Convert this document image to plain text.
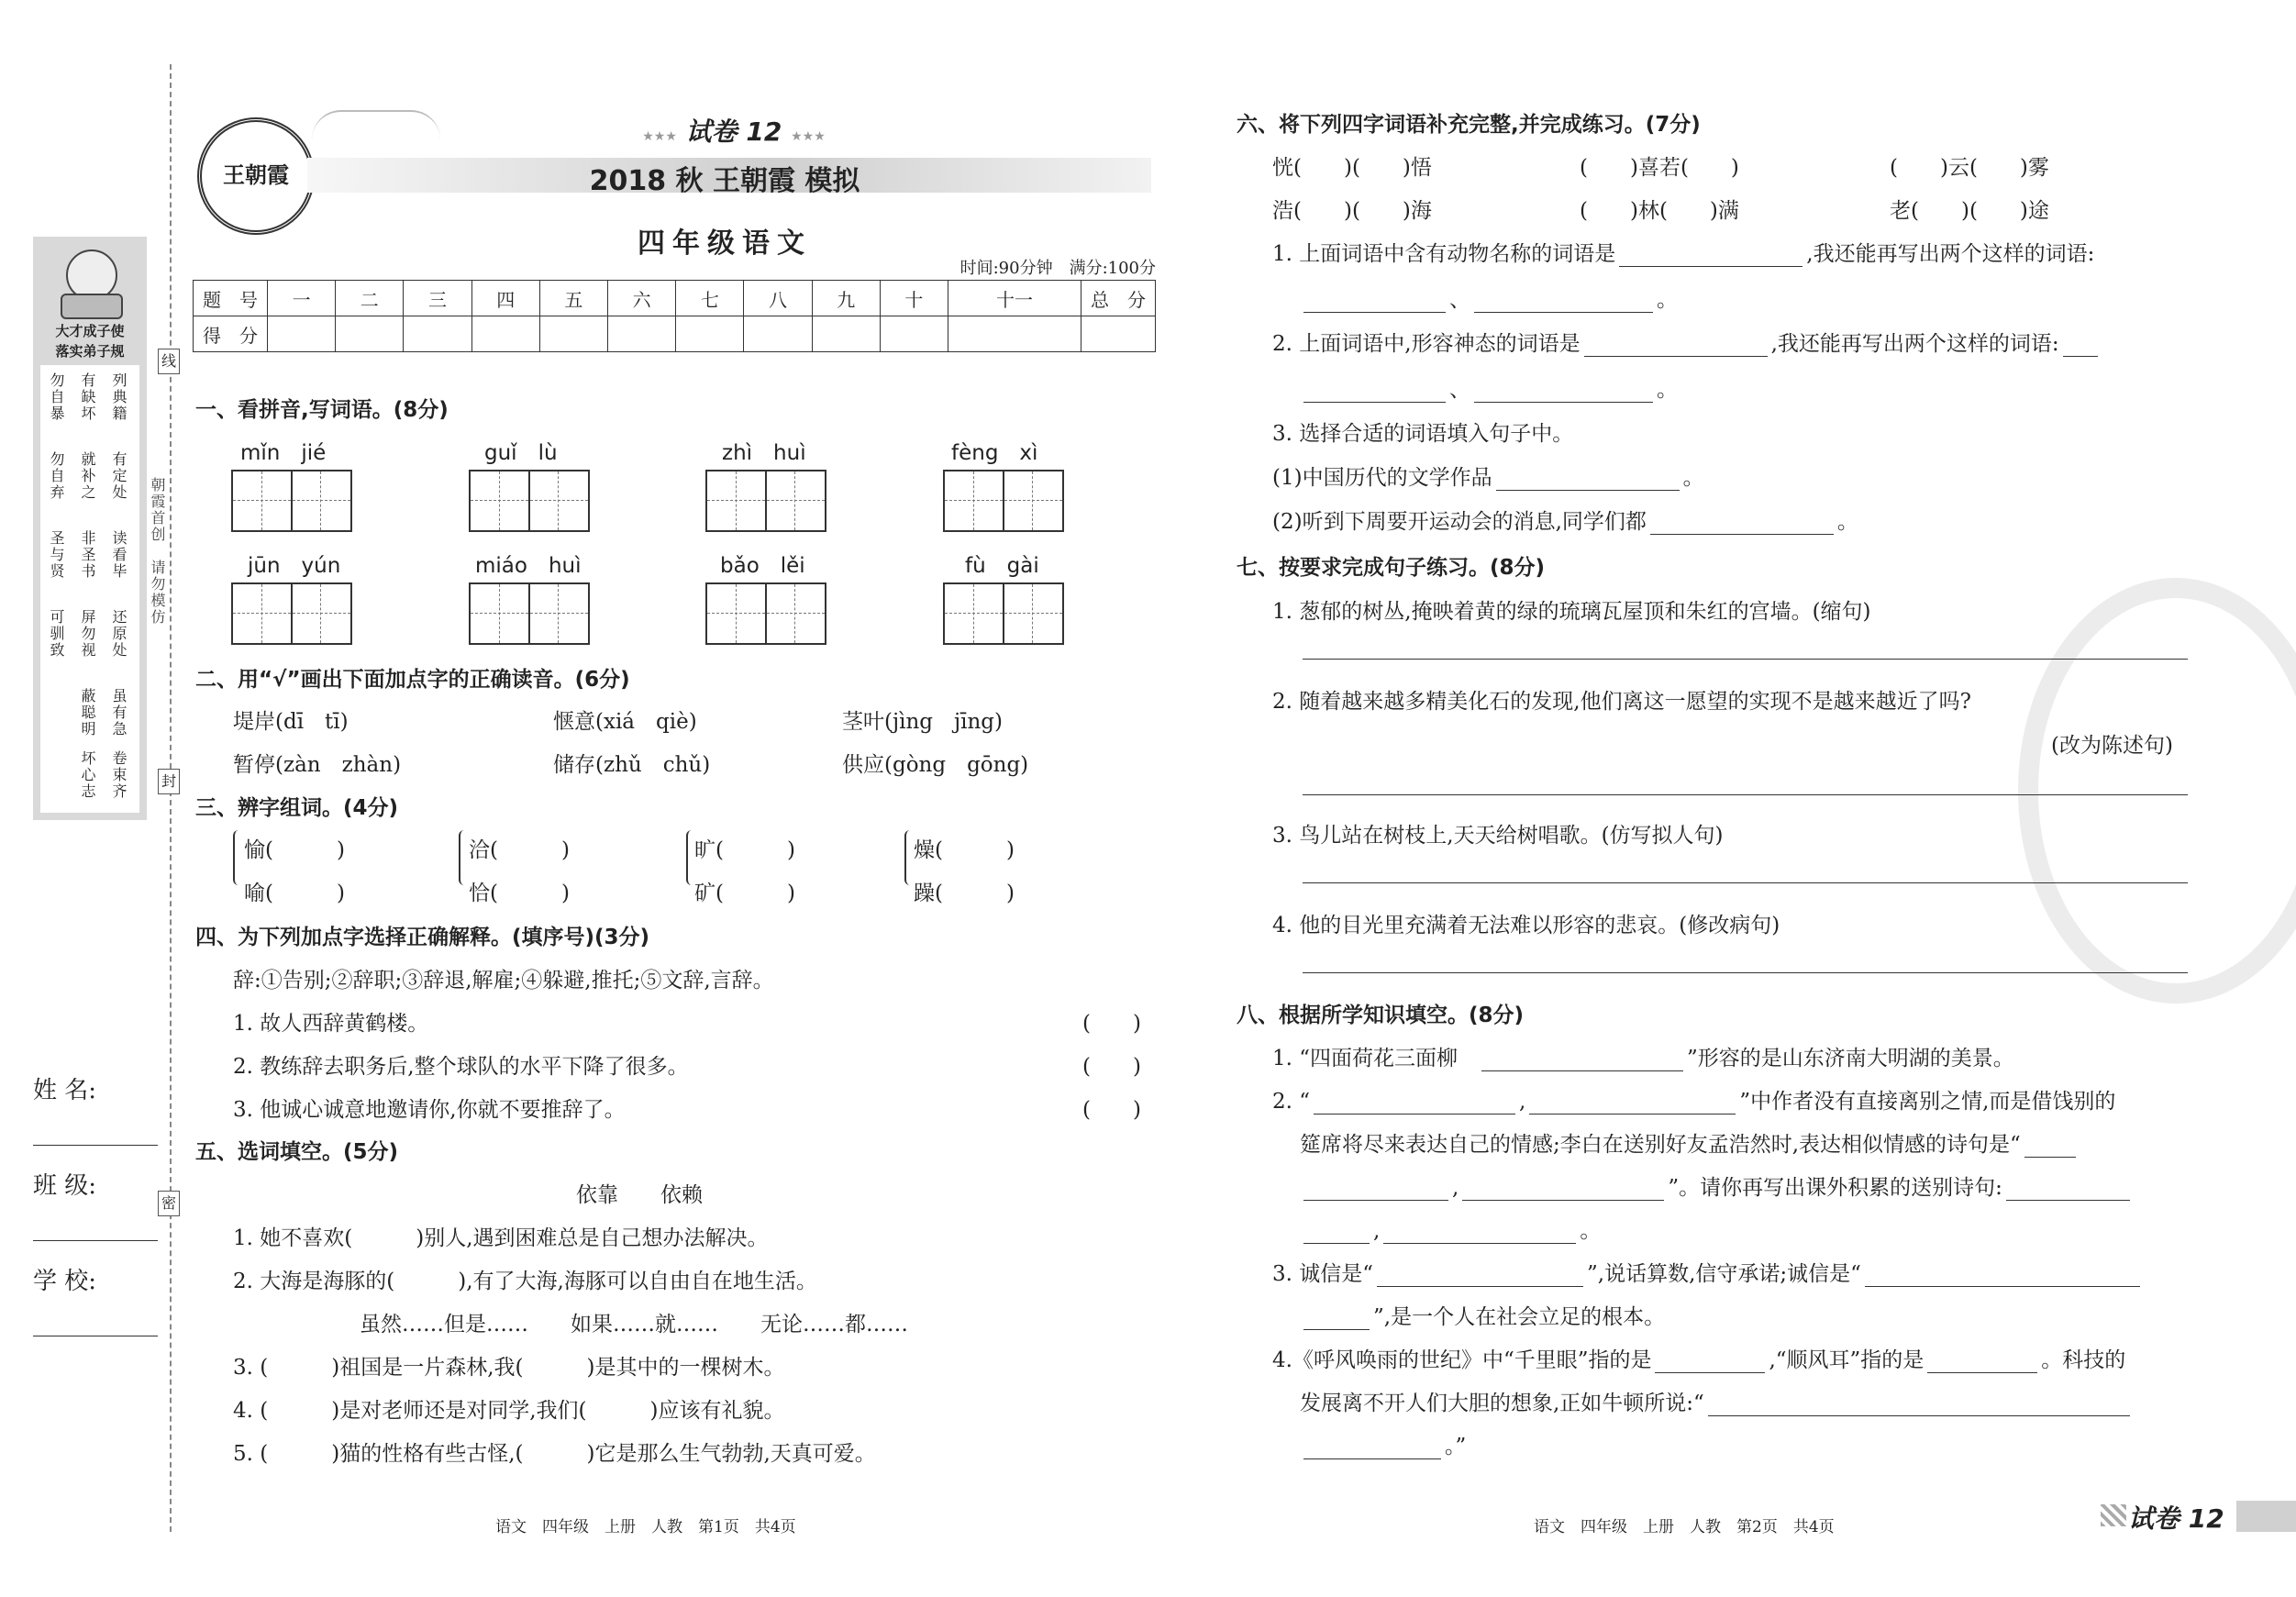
线
封
密
朝霞首创　请勿模仿
大才成子使
落实弟子规
列典籍
有缺坏
勿自暴
有定处
就补之
勿自弃
读看毕
非圣书
圣与贤
还原处
屏勿视
可驯致
虽有急
蔽聪明
卷束齐
坏心志
姓 名:
班 级:
学 校:
王朝霞
★★★ 试卷 12 ★★★
2018 秋 王朝霞 模拟
四年级语文
时间:90分钟　满分:100分
题　号	一	二	三	四	五	六	七	八	九	十	十一	总　分
得　分												
一、看拼音,写词语。(8分)
mǐn　jié	guǐ　lù	zhì　huì	fèng　xì
jūn　yún	miáo　huì	bǎo　lěi	fù　gài
二、用“√”画出下面加点字的正确读音。(6分)
堤岸(dī　tī)	惬意(xiá　qiè)	茎叶(jìng　jīng)
暂停(zàn　zhàn)	储存(zhǔ　chǔ)	供应(gòng　gōng)
三、辨字组词。(4分)
愉(　　　)
喻(　　　)
洽(　　　)
恰(　　　)
旷(　　　)
矿(　　　)
燥(　　　)
躁(　　　)
四、为下列加点字选择正确解释。(填序号)(3分)
辞:①告别;②辞职;③辞退,解雇;④躲避,推托;⑤文辞,言辞。
1. 故人西辞黄鹤楼。	(　　)
2. 教练辞去职务后,整个球队的水平下降了很多。	(　　)
3. 他诚心诚意地邀请你,你就不要推辞了。	(　　)
五、选词填空。(5分)
依靠　　依赖
1. 她不喜欢(　　　)别人,遇到困难总是自己想办法解决。
2. 大海是海豚的(　　　),有了大海,海豚可以自由自在地生活。
虽然……但是……　　如果……就……　　无论……都……
3. (　　　)祖国是一片森林,我(　　　)是其中的一棵树木。
4. (　　　)是对老师还是对同学,我们(　　　)应该有礼貌。
5. (　　　)猫的性格有些古怪,(　　　)它是那么生气勃勃,天真可爱。
语文　四年级　上册　人教　第1页　共4页
六、将下列四字词语补充完整,并完成练习。(7分)
恍(　　)(　　)悟	(　　)喜若(　　)	(　　)云(　　)雾
浩(　　)(　　)海	(　　)林(　　)满	老(　　)(　　)途
1. 上面词语中含有动物名称的词语是	,我还能再写出两个这样的词语:
、	。
2. 上面词语中,形容神态的词语是	,我还能再写出两个这样的词语:
、	。
3. 选择合适的词语填入句子中。
(1)中国历代的文学作品	。
(2)听到下周要开运动会的消息,同学们都	。
七、按要求完成句子练习。(8分)
1. 葱郁的树丛,掩映着黄的绿的琉璃瓦屋顶和朱红的宫墙。(缩句)
2. 随着越来越多精美化石的发现,他们离这一愿望的实现不是越来越近了吗?
(改为陈述句)
3. 鸟儿站在树枝上,天天给树唱歌。(仿写拟人句)
4. 他的目光里充满着无法难以形容的悲哀。(修改病句)
八、根据所学知识填空。(8分)
1. “四面荷花三面柳	”形容的是山东济南大明湖的美景。
2. “	,	”中作者没有直接离别之情,而是借饯别的
筵席将尽来表达自己的情感;李白在送别好友孟浩然时,表达相似情感的诗句是“
,	”。请你再写出课外积累的送别诗句:
,	。
3. 诚信是“	”,说话算数,信守承诺;诚信是“
”,是一个人在社会立足的根本。
4.《呼风唤雨的世纪》中“千里眼”指的是	,“顺风耳”指的是	。科技的
发展离不开人们大胆的想象,正如牛顿所说:“
。”
语文　四年级　上册　人教　第2页　共4页	试卷 12
